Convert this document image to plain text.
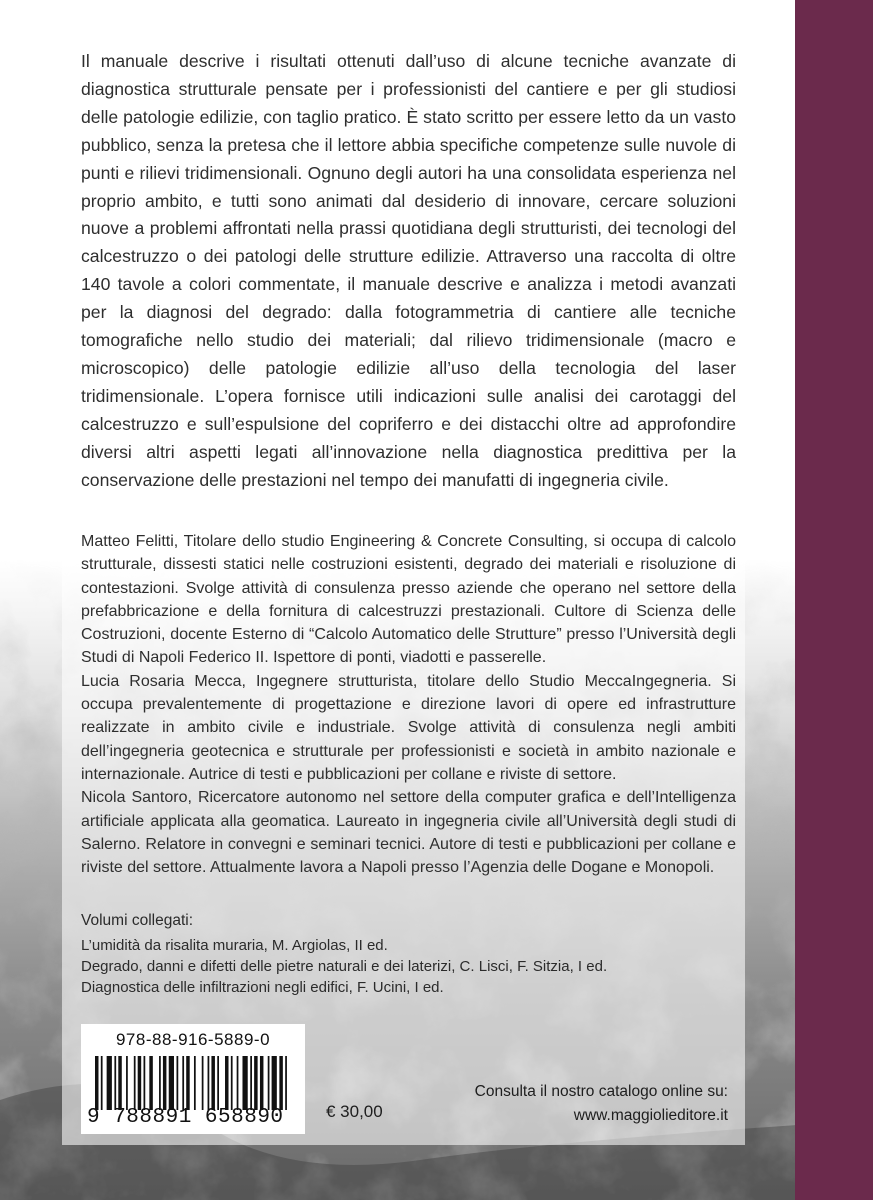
Il manuale descrive i risultati ottenuti dall’uso di alcune tecniche avanzate di diagnostica strutturale pensate per i professionisti del cantiere e per gli studiosi delle patologie edilizie, con taglio pratico. È stato scritto per essere letto da un vasto pubblico, senza la pretesa che il lettore abbia specifiche competenze sulle nuvole di punti e rilievi tridimensionali. Ognuno degli autori ha una consolidata esperienza nel proprio ambito, e tutti sono animati dal desiderio di innovare, cercare soluzioni nuove a problemi affrontati nella prassi quotidiana degli strutturisti, dei tecnologi del calcestruzzo o dei patologi delle strutture edilizie. Attraverso una raccolta di oltre 140 tavole a colori commentate, il manuale descrive e analizza i metodi avanzati per la diagnosi del degrado: dalla fotogrammetria di cantiere alle tecniche tomografiche nello studio dei materiali; dal rilievo tridimensionale (macro e microscopico) delle patologie edilizie all’uso della tecnologia del laser tridimensionale. L’opera fornisce utili indicazioni sulle analisi dei carotaggi del calcestruzzo e sull’espulsione del copriferro e dei distacchi oltre ad approfondire diversi altri aspetti legati all’innovazione nella diagnostica predittiva per la conservazione delle prestazioni nel tempo dei manufatti di ingegneria civile.

Matteo Felitti, Titolare dello studio Engineering & Concrete Consulting, si occupa di calcolo strutturale, dissesti statici nelle costruzioni esistenti, degrado dei materiali e risoluzione di contestazioni. Svolge attività di consulenza presso aziende che operano nel settore della prefabbricazione e della fornitura di calcestruzzi prestazionali. Cultore di Scienza delle Costruzioni, docente Esterno di “Calcolo Automatico delle Strutture” presso l’Università degli Studi di Napoli Federico II. Ispettore di ponti, viadotti e passerelle.

Lucia Rosaria Mecca, Ingegnere strutturista, titolare dello Studio MeccaIngegneria. Si occupa prevalentemente di progettazione e direzione lavori di opere ed infrastrutture realizzate in ambito civile e industriale. Svolge attività di consulenza negli ambiti dell’ingegneria geotecnica e strutturale per professionisti e società in ambito nazionale e internazionale. Autrice di testi e pubblicazioni per collane e riviste di settore.

Nicola Santoro, Ricercatore autonomo nel settore della computer grafica e dell’Intelligenza artificiale applicata alla geomatica. Laureato in ingegneria civile all’Università degli studi di Salerno. Relatore in convegni e seminari tecnici. Autore di testi e pubblicazioni per collane e riviste del settore. Attualmente lavora a Napoli presso l’Agenzia delle Dogane e Monopoli.

Volumi collegati:
L’umidità da risalita muraria, M. Argiolas, II ed.
Degrado, danni e difetti delle pietre naturali e dei laterizi, C. Lisci, F. Sitzia, I ed.
Diagnostica delle infiltrazioni negli edifici, F. Ucini, I ed.
978-88-916-5889-0
9 788891 658890	€ 30,00
Consulta il nostro catalogo online su:
www.maggiolieditore.it
